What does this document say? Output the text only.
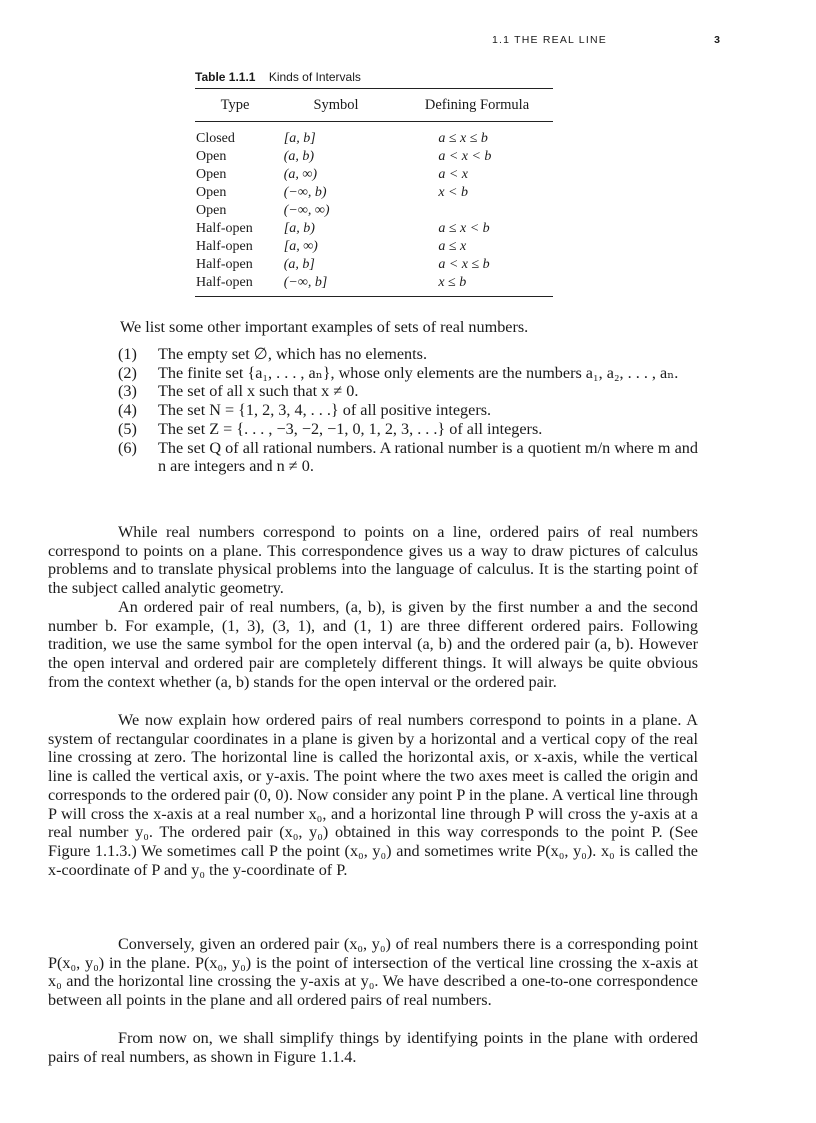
1.1 THE REAL LINE	3
Table 1.1.1 Kinds of Intervals
Type	Symbol	Defining Formula
Closed	[a, b]	a ≤ x ≤ b
Open	(a, b)	a < x < b
Open	(a, ∞)	a < x
Open	(−∞, b)	x < b
Open	(−∞, ∞)
Half-open	[a, b)	a ≤ x < b
Half-open	[a, ∞)	a ≤ x
Half-open	(a, b]	a < x ≤ b
Half-open	(−∞, b]	x ≤ b
We list some other important examples of sets of real numbers.
(1)	The empty set ∅, which has no elements.
(2)	The finite set {a₁, . . . , aₙ}, whose only elements are the numbers a₁, a₂, . . . , aₙ.
(3)	The set of all x such that x ≠ 0.
(4)	The set N = {1, 2, 3, 4, . . .} of all positive integers.
(5)	The set Z = {. . . , −3, −2, −1, 0, 1, 2, 3, . . .} of all integers.
(6)	The set Q of all rational numbers. A rational number is a quotient m/n where m and n are integers and n ≠ 0.
While real numbers correspond to points on a line, ordered pairs of real numbers correspond to points on a plane. This correspondence gives us a way to draw pictures of calculus problems and to translate physical problems into the language of calculus. It is the starting point of the subject called analytic geometry.
An ordered pair of real numbers, (a, b), is given by the first number a and the second number b. For example, (1, 3), (3, 1), and (1, 1) are three different ordered pairs. Following tradition, we use the same symbol for the open interval (a, b) and the ordered pair (a, b). However the open interval and ordered pair are completely different things. It will always be quite obvious from the context whether (a, b) stands for the open interval or the ordered pair.
We now explain how ordered pairs of real numbers correspond to points in a plane. A system of rectangular coordinates in a plane is given by a horizontal and a vertical copy of the real line crossing at zero. The horizontal line is called the horizontal axis, or x-axis, while the vertical line is called the vertical axis, or y-axis. The point where the two axes meet is called the origin and corresponds to the ordered pair (0, 0). Now consider any point P in the plane. A vertical line through P will cross the x-axis at a real number x₀, and a horizontal line through P will cross the y-axis at a real number y₀. The ordered pair (x₀, y₀) obtained in this way corresponds to the point P. (See Figure 1.1.3.) We sometimes call P the point (x₀, y₀) and sometimes write P(x₀, y₀). x₀ is called the x-coordinate of P and y₀ the y-coordinate of P.
Conversely, given an ordered pair (x₀, y₀) of real numbers there is a corresponding point P(x₀, y₀) in the plane. P(x₀, y₀) is the point of intersection of the vertical line crossing the x-axis at x₀ and the horizontal line crossing the y-axis at y₀. We have described a one-to-one correspondence between all points in the plane and all ordered pairs of real numbers.
From now on, we shall simplify things by identifying points in the plane with ordered pairs of real numbers, as shown in Figure 1.1.4.
